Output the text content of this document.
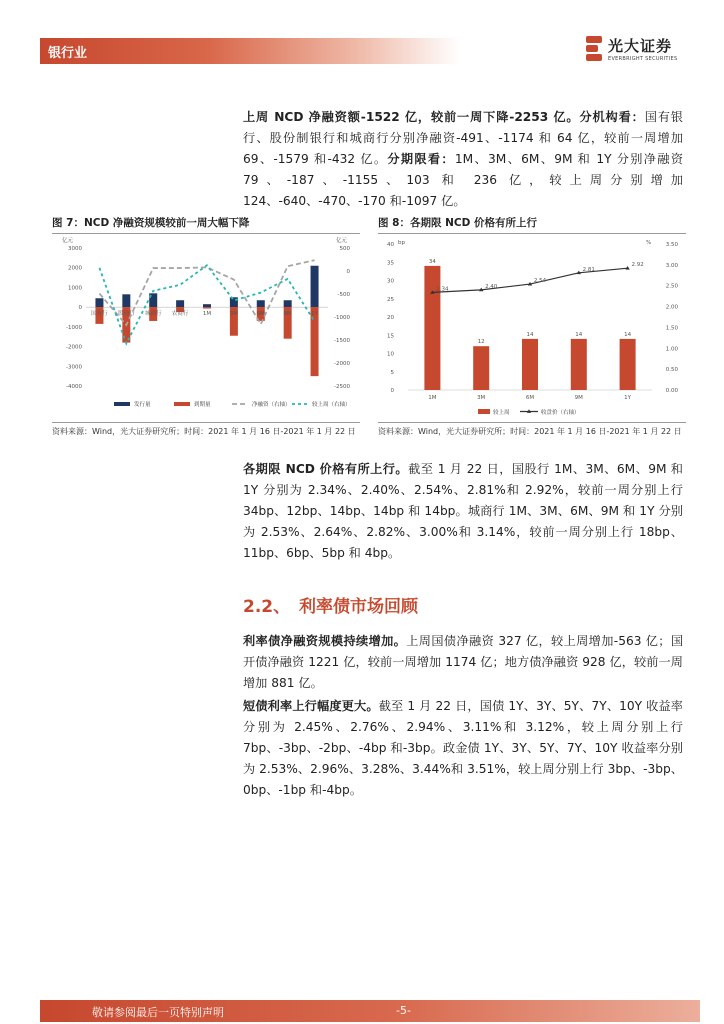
银行业	光大证券
EVERBRIGHT SECURITIES
上周 NCD 净融资额-1522 亿，较前一周下降-2253 亿。分机构看：国有银行、股份制银行和城商行分别净融资-491、-1174 和 64 亿，较前一周增加 69、-1579 和-432 亿。分期限看：1M、3M、6M、9M 和 1Y 分别净融资 79、-187、-1155、103 和 236 亿，较上周分别增加 124、-640、-470、-170 和-1097 亿。
图 7：NCD 净融资规模较前一周大幅下降
亿元	亿元
3000
2000
1000
0
-1000
-2000
-3000
-4000
500
0
-500
-1000
-1500
-2000
-2500
国有行 股份行 城商行 农商行	1M	3M	6M	9M	1Y
发行量	到期量	净融资（右轴）	较上周（右轴）
资料来源：Wind，光大证券研究所；时间：2021 年 1 月 16 日-2021 年 1 月 22 日
图 8：各期限 NCD 价格有所上行
bp	%
40
35
30
25
20
15
10
5
0
3.50
3.00
2.50
2.00
1.50
1.00
0.50
0.00
34
1M
12
3M
14
6M
14
9M
14
1Y
2.34	2.40
2.54
2.81
2.92
较上周	收盘价（右轴）
资料来源：Wind，光大证券研究所；时间：2021 年 1 月 16 日-2021 年 1 月 22 日
各期限 NCD 价格有所上行。截至 1 月 22 日，国股行 1M、3M、6M、9M 和 1Y 分别为 2.34%、2.40%、2.54%、2.81%和 2.92%，较前一周分别上行 34bp、12bp、14bp、14bp 和 14bp。城商行 1M、3M、6M、9M 和 1Y 分别为 2.53%、2.64%、2.82%、3.00%和 3.14%，较前一周分别上行 18bp、11bp、6bp、5bp 和 4bp。
2.2、 利率债市场回顾
利率债净融资规模持续增加。上周国债净融资 327 亿，较上周增加-563 亿；国开债净融资 1221 亿，较前一周增加 1174 亿；地方债净融资 928 亿，较前一周增加 881 亿。
短债利率上行幅度更大。截至 1 月 22 日，国债 1Y、3Y、5Y、7Y、10Y 收益率分别为 2.45%、2.76%、2.94%、3.11%和 3.12%，较上周分别上行 7bp、-3bp、-2bp、-4bp 和-3bp。政金债 1Y、3Y、5Y、7Y、10Y 收益率分别为 2.53%、2.96%、3.28%、3.44%和 3.51%，较上周分别上行 3bp、-3bp、0bp、-1bp 和-4bp。
敬请参阅最后一页特别声明	-5-
